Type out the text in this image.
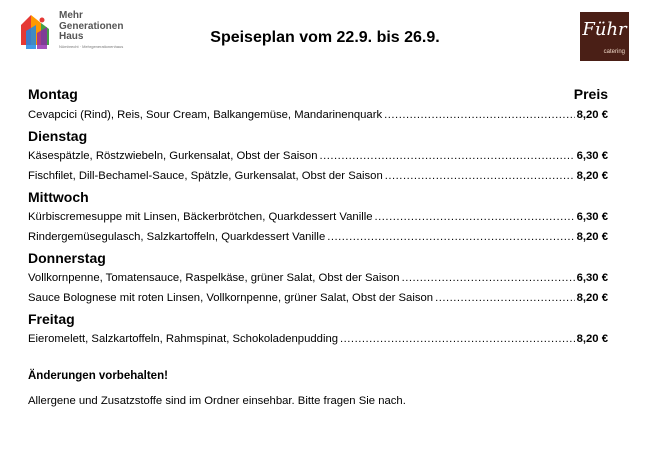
Mehr
Generationen
Haus
Nümbrecht · Mehrgenerationenhaus
Speiseplan vom 22.9. bis 26.9.	Führ
catering
Montag	Preis
Cevapcici (Rind), Reis, Sour Cream, Balkangemüse, Mandarinenquark .....	8,20 €
Dienstag
Käsespätzle, Röstzwiebeln, Gurkensalat, Obst der Saison .....	6,30 €
Fischfilet, Dill-Bechamel-Sauce, Spätzle, Gurkensalat, Obst der Saison .....	8,20 €
Mittwoch
Kürbiscremesuppe mit Linsen, Bäckerbrötchen, Quarkdessert Vanille .....	6,30 €
Rindergemüsegulasch, Salzkartoffeln, Quarkdessert Vanille .....	8,20 €
Donnerstag
Vollkornpenne, Tomatensauce, Raspelkäse, grüner Salat, Obst der Saison .....	6,30 €
Sauce Bolognese mit roten Linsen, Vollkornpenne, grüner Salat, Obst der Saison .....	8,20 €
Freitag
Eieromelett, Salzkartoffeln, Rahmspinat, Schokoladenpudding .....	8,20 €
Änderungen vorbehalten!
Allergene und Zusatzstoffe sind im Ordner einsehbar. Bitte fragen Sie nach.
